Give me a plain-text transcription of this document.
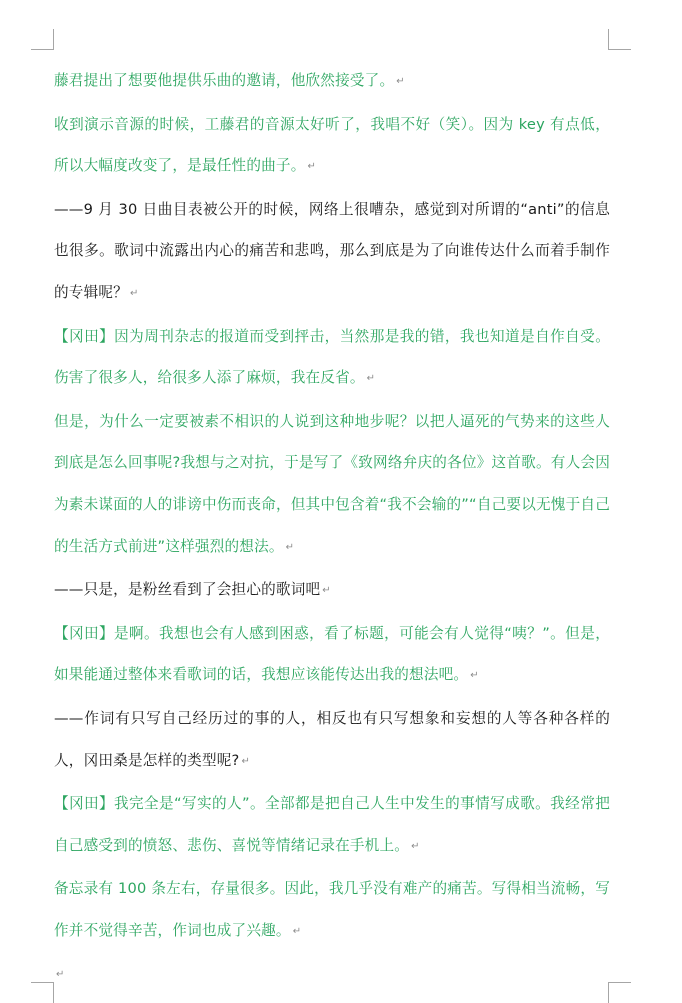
藤君提出了想要他提供乐曲的邀请，他欣然接受了。 ↵

收到演示音源的时候，工藤君的音源太好听了，我唱不好（笑）。因为 key 有点低，所以大幅度改变了，是最任性的曲子。 ↵

——9 月 30 日曲目表被公开的时候，网络上很嘈杂，感觉到对所谓的“anti”的信息也很多。歌词中流露出内心的痛苦和悲鸣，那么到底是为了向谁传达什么而着手制作的专辑呢？ ↵

【冈田】因为周刊杂志的报道而受到抨击，当然那是我的错，我也知道是自作自受。伤害了很多人，给很多人添了麻烦，我在反省。 ↵

但是，为什么一定要被素不相识的人说到这种地步呢？以把人逼死的气势来的这些人到底是怎么回事呢?我想与之对抗，于是写了《致网络弁庆的各位》这首歌。有人会因为素未谋面的人的诽谤中伤而丧命，但其中包含着“我不会输的”“自己要以无愧于自己的生活方式前进”这样强烈的想法。 ↵

——只是，是粉丝看到了会担心的歌词吧 ↵

【冈田】是啊。我想也会有人感到困惑，看了标题，可能会有人觉得“咦？”。但是，如果能通过整体来看歌词的话，我想应该能传达出我的想法吧。 ↵

——作词有只写自己经历过的事的人，相反也有只写想象和妄想的人等各种各样的人，冈田桑是怎样的类型呢? ↵

【冈田】我完全是“写实的人”。全部都是把自己人生中发生的事情写成歌。我经常把自己感受到的愤怒、悲伤、喜悦等情绪记录在手机上。 ↵

备忘录有 100 条左右，存量很多。因此，我几乎没有难产的痛苦。写得相当流畅，写作并不觉得辛苦，作词也成了兴趣。 ↵

↵
